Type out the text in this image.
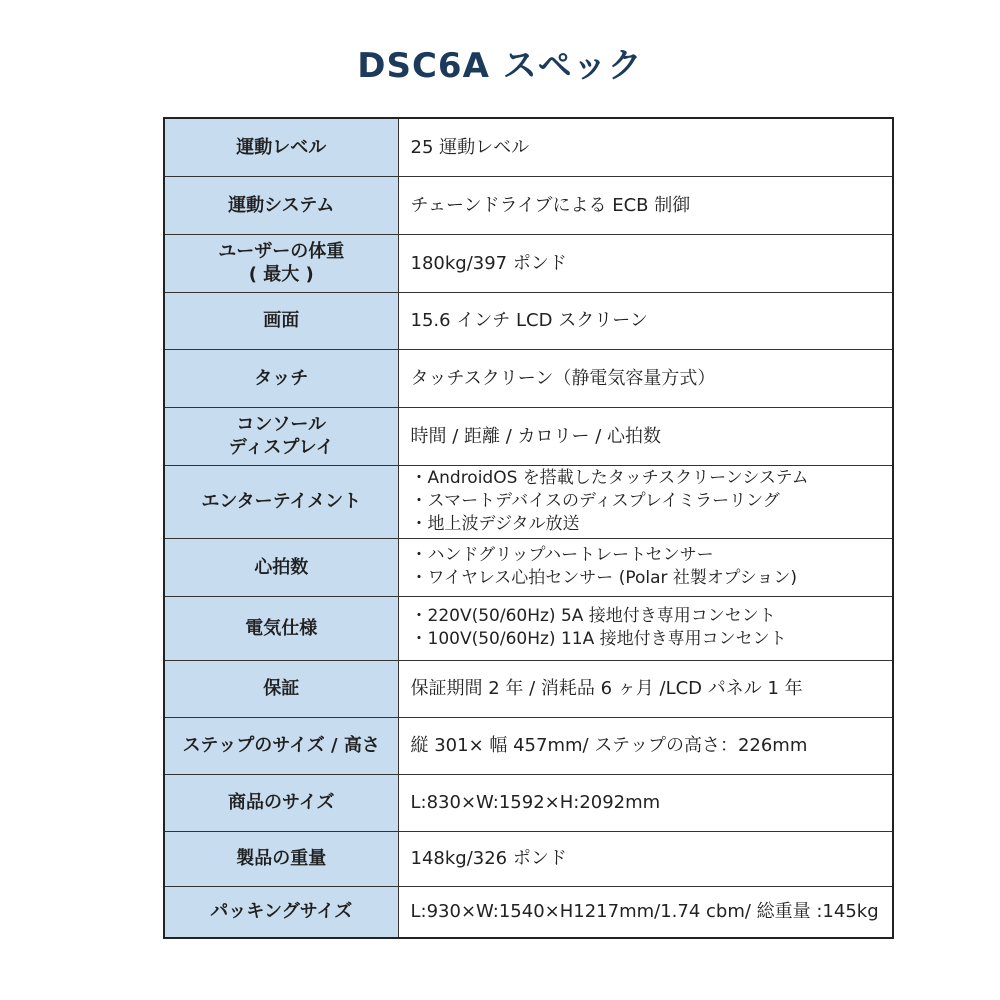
DSC6A スペック
運動レベル	25 運動レベル

運動システム	チェーンドライブによる ECB 制御

ユーザーの体重
( 最大 )	180kg/397 ポンド

画面	15.6 インチ LCD スクリーン

タッチ	タッチスクリーン（静電気容量方式）

コンソール
ディスプレイ	時間 / 距離 / カロリー / 心拍数

エンターテイメント	・AndroidOS を搭載したタッチスクリーンシステム
・スマートデバイスのディスプレイミラーリング
・地上波デジタル放送

心拍数	・ハンドグリップハートレートセンサー
・ワイヤレス心拍センサー (Polar 社製オプション)

電気仕様	・220V(50/60Hz) 5A 接地付き専用コンセント
・100V(50/60Hz) 11A 接地付き専用コンセント

保証	保証期間 2 年 / 消耗品 6 ヶ月 /LCD パネル 1 年

ステップのサイズ / 高さ	縦 301× 幅 457mm/ ステップの高さ：226mm

商品のサイズ	L:830×W:1592×H:2092mm

製品の重量	148kg/326 ポンド

パッキングサイズ	L:930×W:1540×H1217mm/1.74 cbm/ 総重量 :145kg
